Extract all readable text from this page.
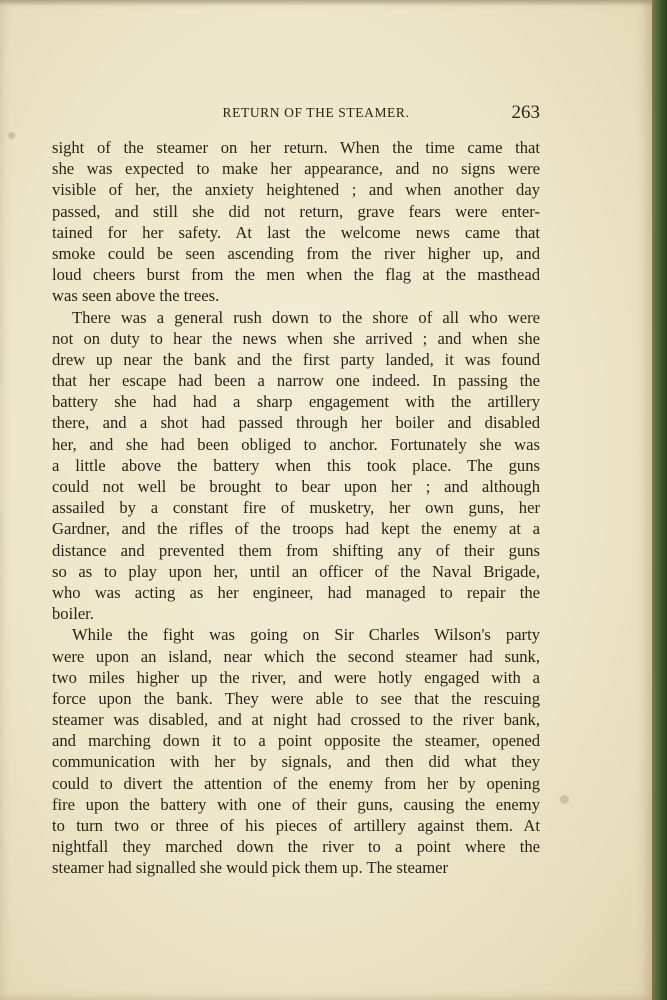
RETURN OF THE STEAMER.	263
sight of the steamer on her return. When the time came that
she was expected to make her appearance, and no signs were
visible of her, the anxiety heightened ; and when another day
passed, and still she did not return, grave fears were enter-
tained for her safety. At last the welcome news came that
smoke could be seen ascending from the river higher up, and
loud cheers burst from the men when the flag at the masthead
was seen above the trees.
There was a general rush down to the shore of all who were
not on duty to hear the news when she arrived ; and when she
drew up near the bank and the first party landed, it was found
that her escape had been a narrow one indeed. In passing the
battery she had had a sharp engagement with the artillery
there, and a shot had passed through her boiler and disabled
her, and she had been obliged to anchor. Fortunately she was
a little above the battery when this took place. The guns
could not well be brought to bear upon her ; and although
assailed by a constant fire of musketry, her own guns, her
Gardner, and the rifles of the troops had kept the enemy at a
distance and prevented them from shifting any of their guns
so as to play upon her, until an officer of the Naval Brigade,
who was acting as her engineer, had managed to repair the
boiler.
While the fight was going on Sir Charles Wilson's party
were upon an island, near which the second steamer had sunk,
two miles higher up the river, and were hotly engaged with a
force upon the bank. They were able to see that the rescuing
steamer was disabled, and at night had crossed to the river bank,
and marching down it to a point opposite the steamer, opened
communication with her by signals, and then did what they
could to divert the attention of the enemy from her by opening
fire upon the battery with one of their guns, causing the enemy
to turn two or three of his pieces of artillery against them. At
nightfall they marched down the river to a point where the
steamer had signalled she would pick them up. The steamer
